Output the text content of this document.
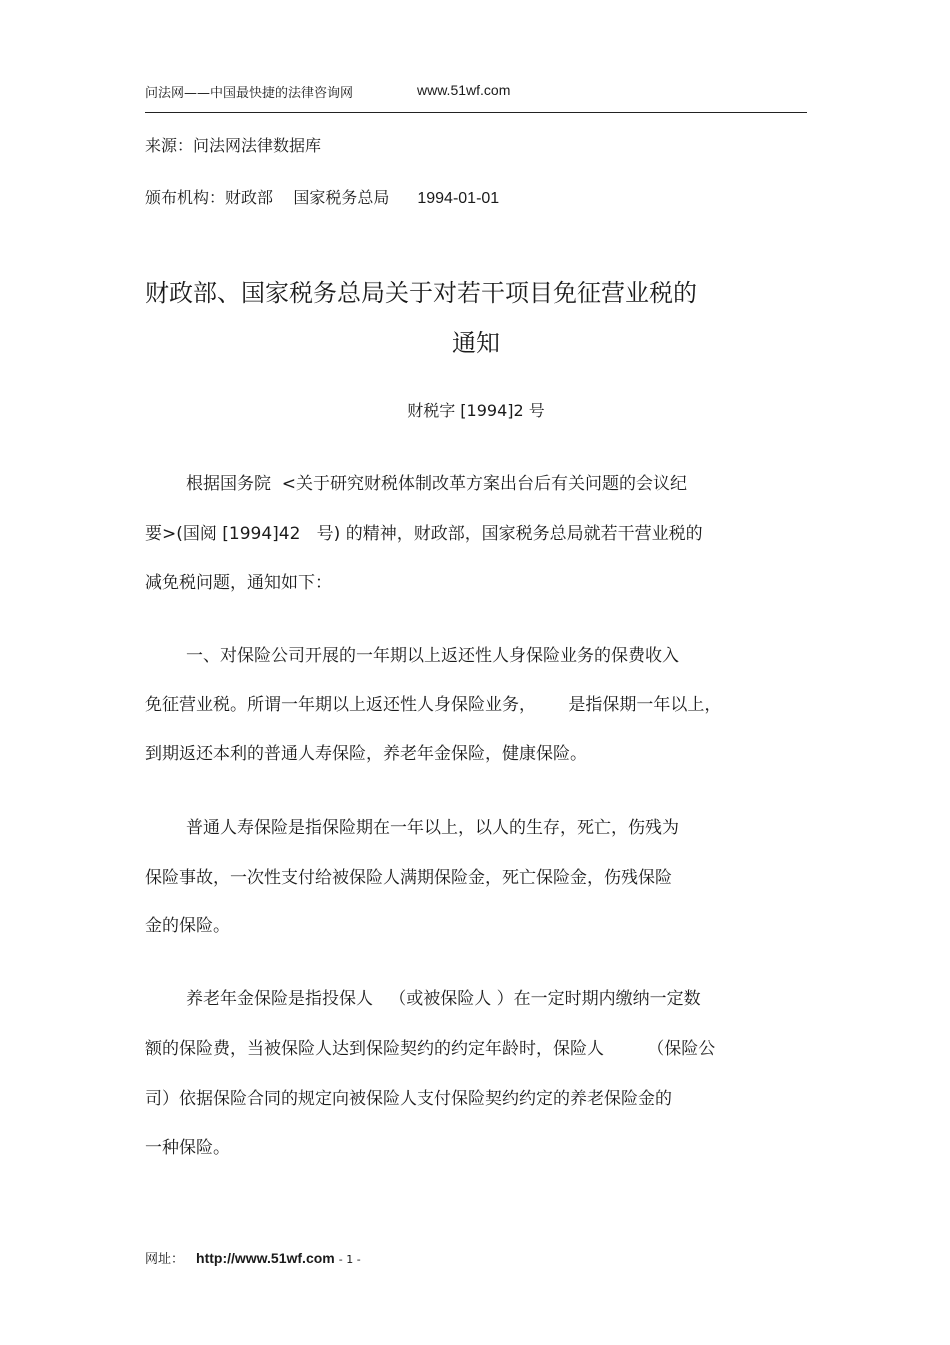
问法网——中国最快捷的法律咨询网	www.51wf.com
来源：问法网法律数据库
颁布机构：财政部    国家税务总局 1994-01-01
财政部、国家税务总局关于对若干项目免征营业税的
通知
财税字 [1994]2 号
根据国务院  <关于研究财税体制改革方案出台后有关问题的会议纪
要>(国阅 [1994]42   号) 的精神，财政部，国家税务总局就若干营业税的
减免税问题，通知如下：
一、对保险公司开展的一年期以上返还性人身保险业务的保费收入
免征营业税。所谓一年期以上返还性人身保险业务，      是指保期一年以上，
到期返还本利的普通人寿保险，养老年金保险，健康保险。
普通人寿保险是指保险期在一年以上，以人的生存，死亡，伤残为
保险事故，一次性支付给被保险人满期保险金，死亡保险金，伤残保险
金的保险。
养老年金保险是指投保人   （或被保险人 ）在一定时期内缴纳一定数
额的保险费，当被保险人达到保险契约的约定年龄时，保险人        （保险公
司）依据保险合同的规定向被保险人支付保险契约约定的养老保险金的
一种保险。
网址： http://www.51wf.com - 1 -
